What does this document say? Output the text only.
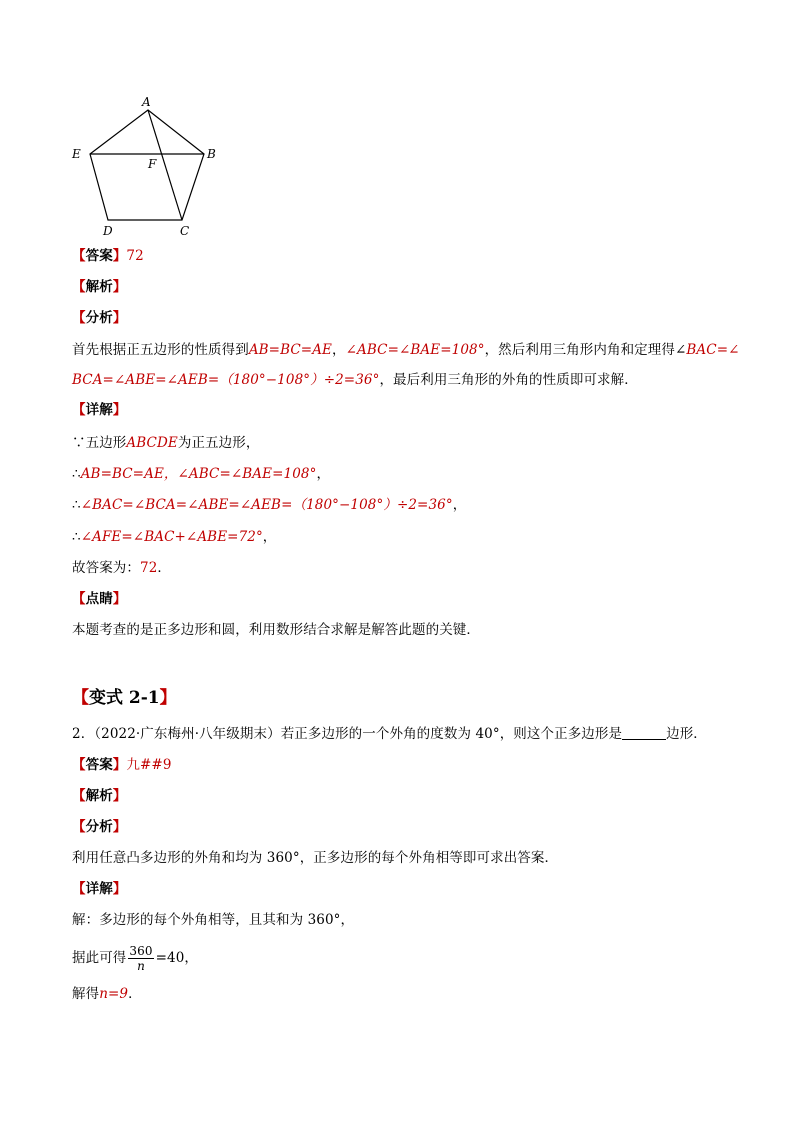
A
B
C
D
E
F
【答案】72
【解析】
【分析】
首先根据正五边形的性质得到AB=BC=AE，∠ABC=∠BAE=108°，然后利用三角形内角和定理得∠BAC=∠
BCA=∠ABE=∠AEB=（180°−108°）÷2=36°，最后利用三角形的外角的性质即可求解．
【详解】
∵五边形ABCDE为正五边形，
∴AB=BC=AE，∠ABC=∠BAE=108°，
∴∠BAC=∠BCA=∠ABE=∠AEB=（180°−108°）÷2=36°，
∴∠AFE=∠BAC+∠ABE=72°，
故答案为：72．
【点睛】
本题考查的是正多边形和圆，利用数形结合求解是解答此题的关键．
【变式 2-1】
2．（2022·广东梅州·八年级期末）若正多边形的一个外角的度数为 40°，则这个正多边形是	边形．
【答案】九##9
【解析】
【分析】
利用任意凸多边形的外角和均为 360°，正多边形的每个外角相等即可求出答案．
【详解】
解：多边形的每个外角相等，且其和为 360°，
据此可得 $\frac{360}{n} =40$，
解得n=9．
